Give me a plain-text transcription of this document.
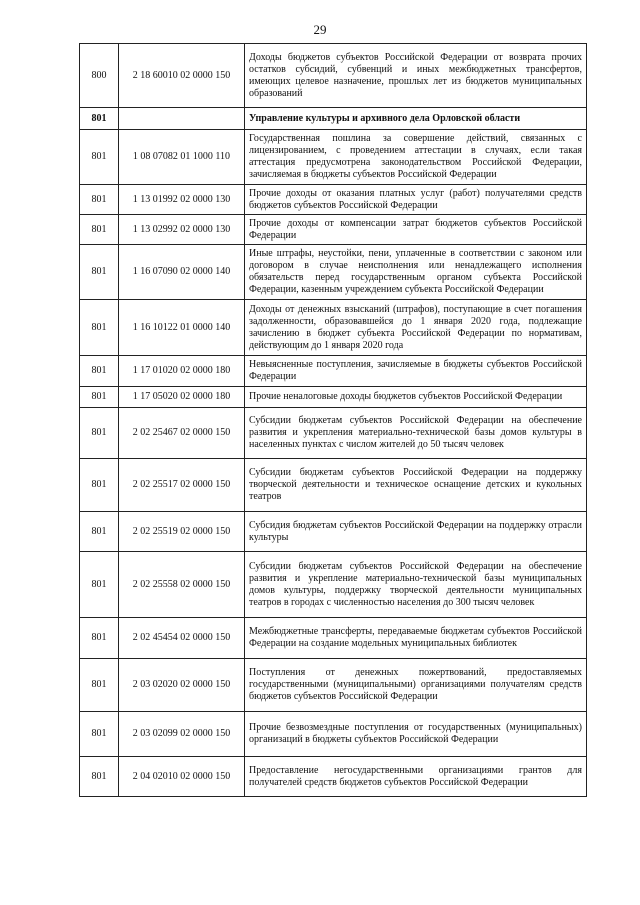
29
800	2 18 60010 02 0000 150	Доходы бюджетов субъектов Российской Федерации от возврата прочих остатков субсидий, субвенций и иных межбюджетных трансфертов, имеющих целевое назначение, прошлых лет из бюджетов муниципальных образований
801		Управление культуры и архивного дела Орловской области
801	1 08 07082 01 1000 110	Государственная пошлина за совершение действий, связанных с лицензированием, с проведением аттестации в случаях, если такая аттестация предусмотрена законодательством Российской Федерации, зачисляемая в бюджеты субъектов Российской Федерации
801	1 13 01992 02 0000 130	Прочие доходы от оказания платных услуг (работ) получателями средств бюджетов субъектов Российской Федерации
801	1 13 02992 02 0000 130	Прочие доходы от компенсации затрат бюджетов субъектов Российской Федерации
801	1 16 07090 02 0000 140	Иные штрафы, неустойки, пени, уплаченные в соответствии с законом или договором в случае неисполнения или ненадлежащего исполнения обязательств перед государственным органом субъекта Российской Федерации, казенным учреждением субъекта Российской Федерации
801	1 16 10122 01 0000 140	Доходы от денежных взысканий (штрафов), поступающие в счет погашения задолженности, образовавшейся до 1 января 2020 года, подлежащие зачислению в бюджет субъекта Российской Федерации по нормативам, действующим до 1 января 2020 года
801	1 17 01020 02 0000 180	Невыясненные поступления, зачисляемые в бюджеты субъектов Российской Федерации
801	1 17 05020 02 0000 180	Прочие неналоговые доходы бюджетов субъектов Российской Федерации
801	2 02 25467 02 0000 150	Субсидии бюджетам субъектов Российской Федерации на обеспечение развития и укрепления материально-технической базы домов культуры в населенных пунктах с числом жителей до 50 тысяч человек
801	2 02 25517 02 0000 150	Субсидии бюджетам субъектов Российской Федерации на поддержку творческой деятельности и техническое оснащение детских и кукольных театров
801	2 02 25519 02 0000 150	Субсидия бюджетам субъектов Российской Федерации на поддержку отрасли культуры
801	2 02 25558 02 0000 150	Субсидии бюджетам субъектов Российской Федерации на обеспечение развития и укрепление материально-технической базы муниципальных домов культуры, поддержку творческой деятельности муниципальных театров в городах с численностью населения до 300 тысяч человек
801	2 02 45454 02 0000 150	Межбюджетные трансферты, передаваемые бюджетам субъектов Российской Федерации на создание модельных муниципальных библиотек
801	2 03 02020 02 0000 150	Поступления от денежных пожертвований, предоставляемых государственными (муниципальными) организациями получателям средств бюджетов субъектов Российской Федерации
801	2 03 02099 02 0000 150	Прочие безвозмездные поступления от государственных (муниципальных) организаций в бюджеты субъектов Российской Федерации
801	2 04 02010 02 0000 150	Предоставление негосударственными организациями грантов для получателей средств бюджетов субъектов Российской Федерации
